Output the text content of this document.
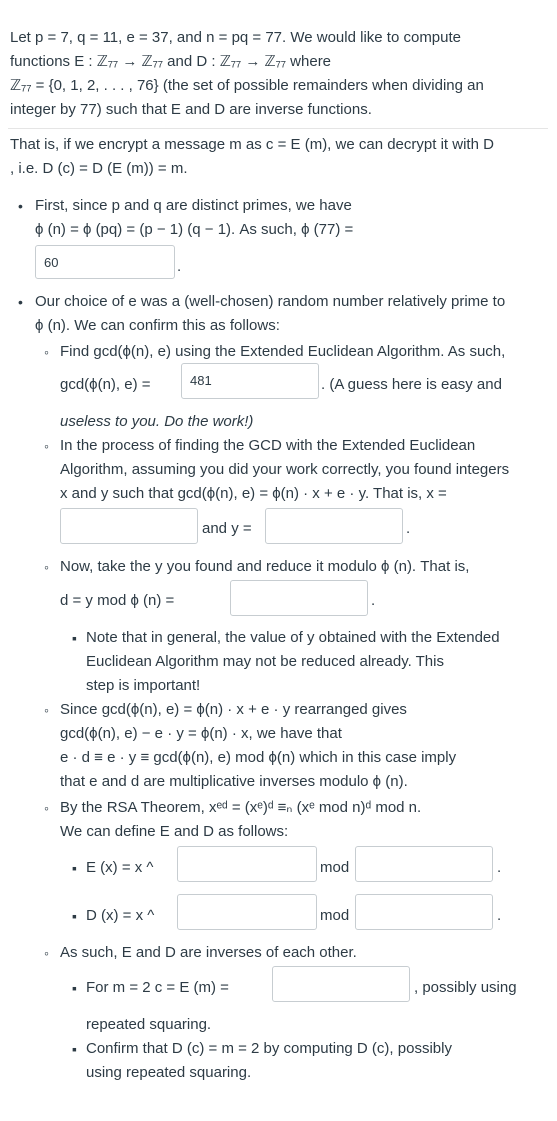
Let p = 7, q = 11, e = 37, and n = pq = 77. We would like to compute
functions E : ℤ₇₇ → ℤ₇₇ and D : ℤ₇₇ → ℤ₇₇ where
ℤ₇₇ = {0, 1, 2, . . . , 76} (the set of possible remainders when dividing an
integer by 77) such that E and D are inverse functions.
That is, if we encrypt a message m as c = E (m), we can decrypt it with D
, i.e. D (c) = D (E (m)) = m.
• First, since p and q are distinct primes, we have
ϕ (n) = ϕ (pq) = (p − 1) (q − 1). As such, ϕ (77) =
60	.
• Our choice of e was a (well-chosen) random number relatively prime to
ϕ (n). We can confirm this as follows:
◦ Find gcd(ϕ(n), e) using the Extended Euclidean Algorithm. As such,
gcd(ϕ(n), e) =	481	. (A guess here is easy and
useless to you. Do the work!)
◦ In the process of finding the GCD with the Extended Euclidean
Algorithm, assuming you did your work correctly, you found integers
x and y such that gcd(ϕ(n), e) = ϕ(n) · x + e · y. That is, x =
and y =	.
◦ Now, take the y you found and reduce it modulo ϕ (n). That is,
d = y mod ϕ (n) =	.
▪ Note that in general, the value of y obtained with the Extended
Euclidean Algorithm may not be reduced already. This
step is important!
◦ Since gcd(ϕ(n), e) = ϕ(n) · x + e · y rearranged gives
gcd(ϕ(n), e) − e · y = ϕ(n) · x, we have that
e · d ≡ e · y ≡ gcd(ϕ(n), e) mod ϕ(n) which in this case imply
that e and d are multiplicative inverses modulo ϕ (n).
◦ By the RSA Theorem, xᵉᵈ = (xᵉ)ᵈ ≡ₙ (xᵉ mod n)ᵈ mod n.
We can define E and D as follows:
▪ E (x) = x ^	mod	.
▪ D (x) = x ^	mod	.
◦ As such, E and D are inverses of each other.
▪ For m = 2 c = E (m) =	, possibly using
repeated squaring.
▪ Confirm that D (c) = m = 2 by computing D (c), possibly
using repeated squaring.
